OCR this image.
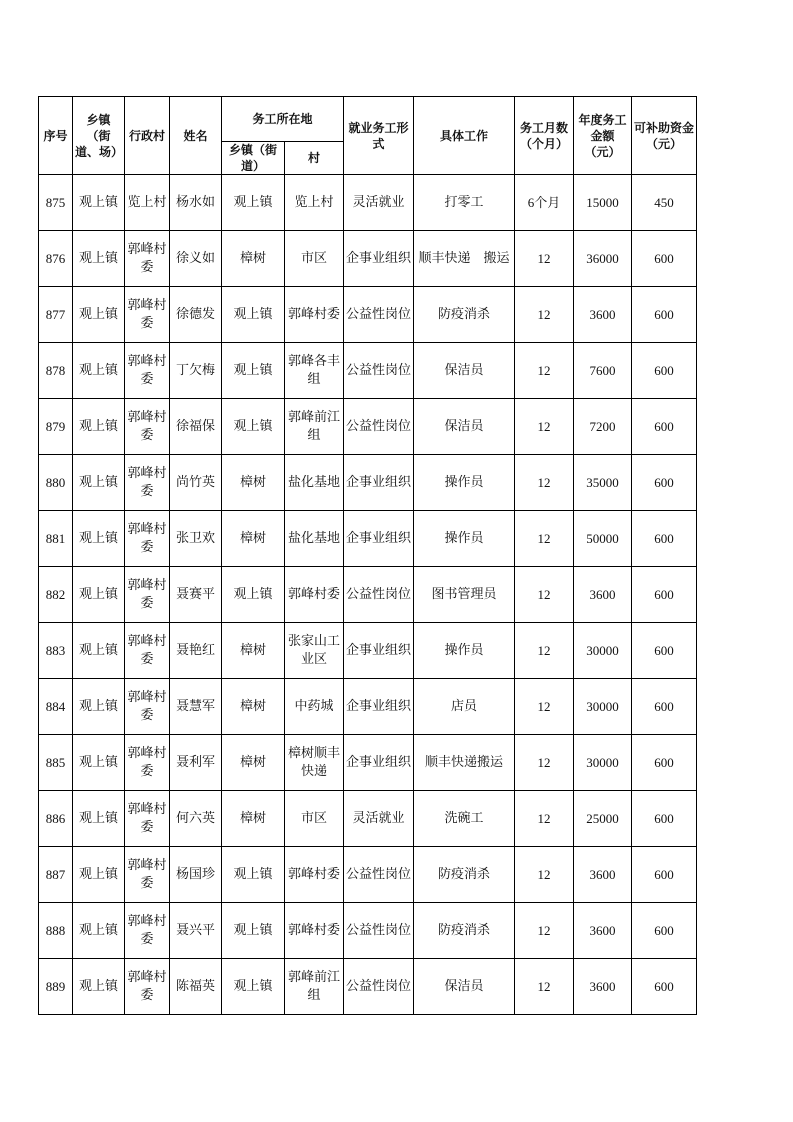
序号	乡镇（街道、场）	行政村	姓名	务工所在地		就业务工形式	具体工作	务工月数（个月）	年度务工金额（元）	可补助资金（元）
				乡镇（街道）	村					
875	观上镇	览上村	杨水如	观上镇	览上村	灵活就业	打零工	6个月	15000	450
876	观上镇	郭峰村委	徐义如	樟树	市区	企事业组织	顺丰快递　搬运	12	36000	600
877	观上镇	郭峰村委	徐德发	观上镇	郭峰村委	公益性岗位	防疫消杀	12	3600	600
878	观上镇	郭峰村委	丁欠梅	观上镇	郭峰各丰组	公益性岗位	保洁员	12	7600	600
879	观上镇	郭峰村委	徐福保	观上镇	郭峰前江组	公益性岗位	保洁员	12	7200	600
880	观上镇	郭峰村委	尚竹英	樟树	盐化基地	企事业组织	操作员	12	35000	600
881	观上镇	郭峰村委	张卫欢	樟树	盐化基地	企事业组织	操作员	12	50000	600
882	观上镇	郭峰村委	聂赛平	观上镇	郭峰村委	公益性岗位	图书管理员	12	3600	600
883	观上镇	郭峰村委	聂艳红	樟树	张家山工业区	企事业组织	操作员	12	30000	600
884	观上镇	郭峰村委	聂慧军	樟树	中药城	企事业组织	店员	12	30000	600
885	观上镇	郭峰村委	聂利军	樟树	樟树顺丰快递	企事业组织	顺丰快递搬运	12	30000	600
886	观上镇	郭峰村委	何六英	樟树	市区	灵活就业	洗碗工	12	25000	600
887	观上镇	郭峰村委	杨国珍	观上镇	郭峰村委	公益性岗位	防疫消杀	12	3600	600
888	观上镇	郭峰村委	聂兴平	观上镇	郭峰村委	公益性岗位	防疫消杀	12	3600	600
889	观上镇	郭峰村委	陈福英	观上镇	郭峰前江组	公益性岗位	保洁员	12	3600	600
